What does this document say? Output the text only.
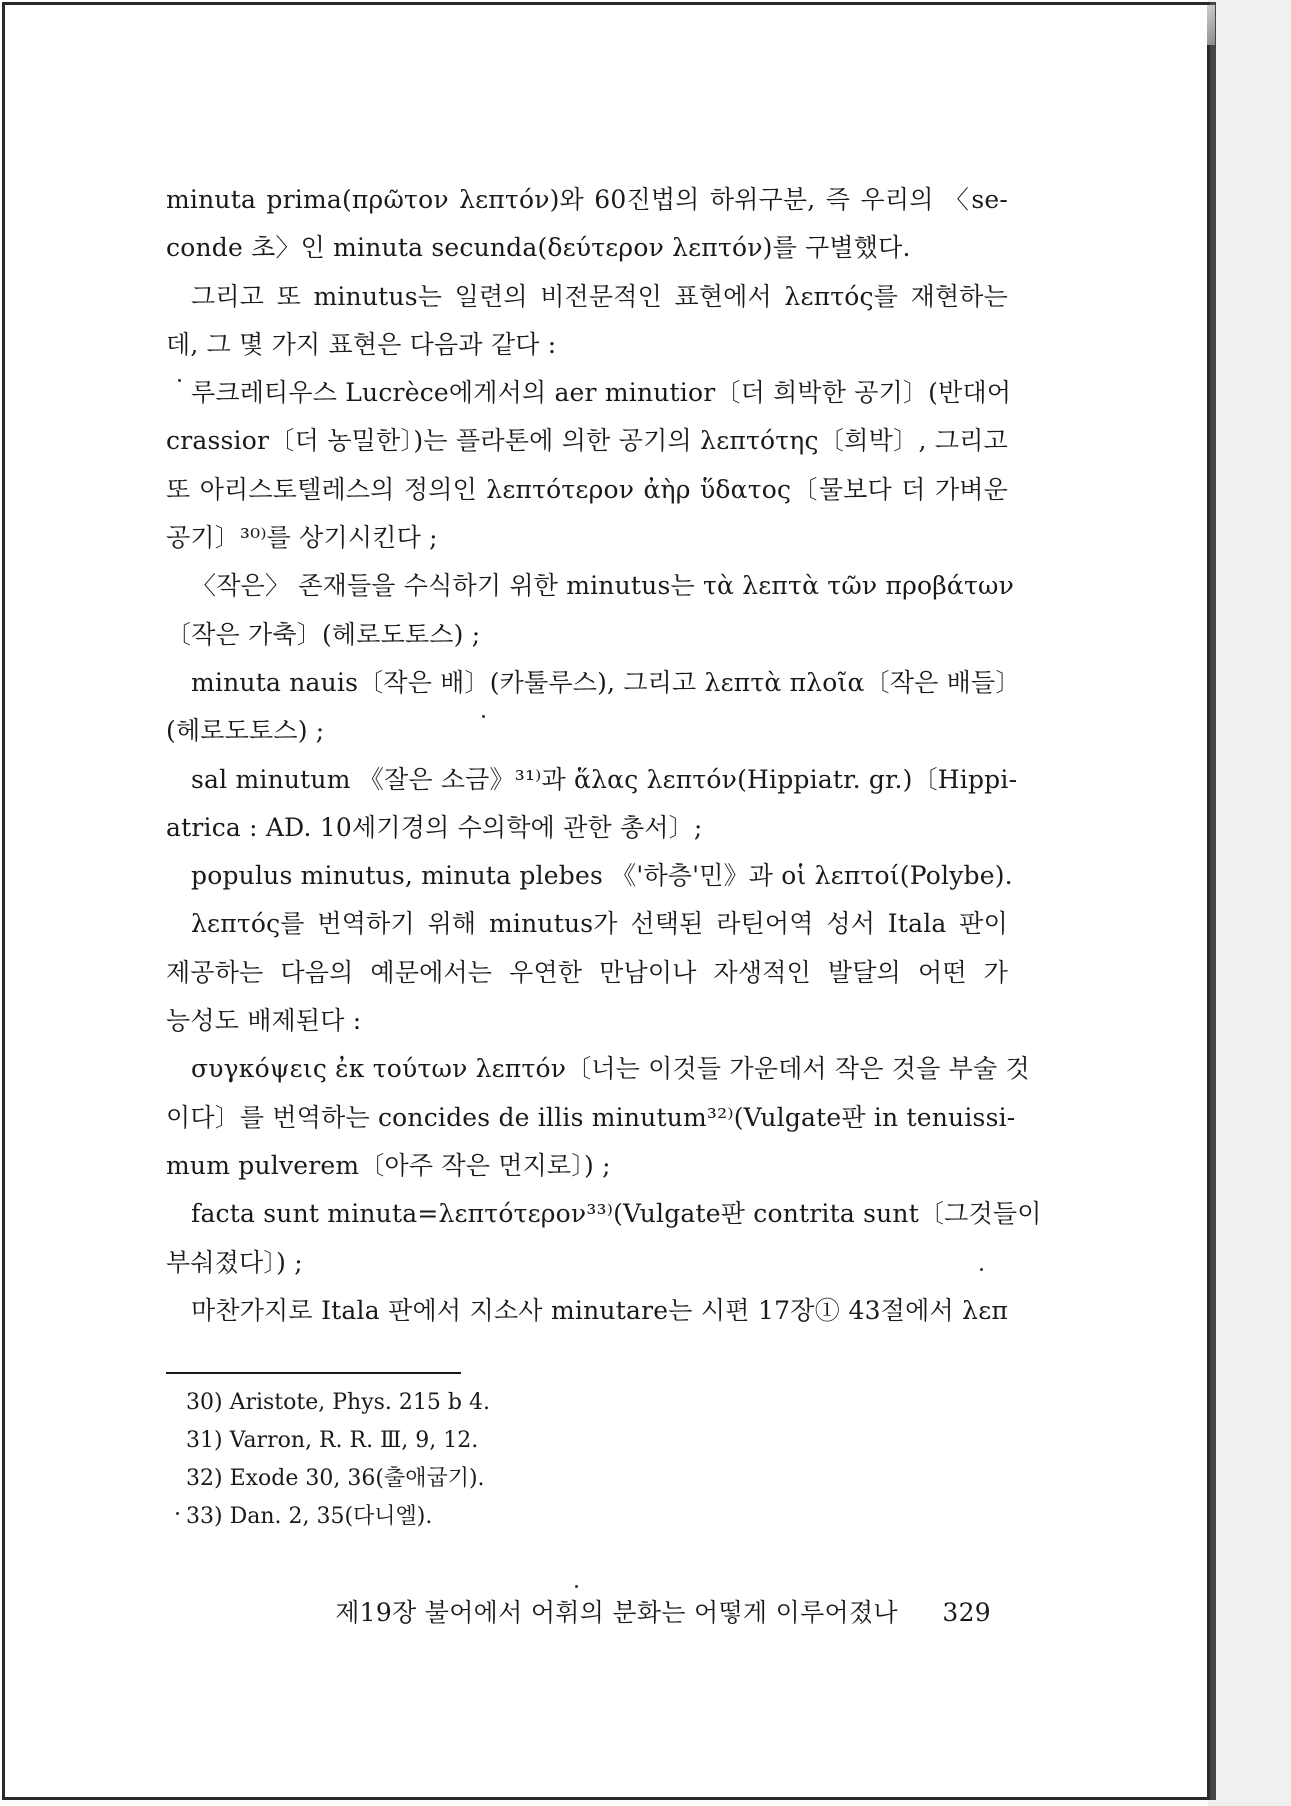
minuta prima(πρῶτον λεπτόν)와 60진법의 하위구분, 즉 우리의 〈se-
conde 초〉인 minuta secunda(δεύτερον λεπτόν)를 구별했다.
그리고 또 minutus는 일련의 비전문적인 표현에서 λεπτός를 재현하는
데, 그 몇 가지 표현은 다음과 같다 :
루크레티우스 Lucrèce에게서의 aer minutior〔더 희박한 공기〕(반대어
crassior〔더 농밀한〕)는 플라톤에 의한 공기의 λεπτότης〔희박〕, 그리고
또 아리스토텔레스의 정의인 λεπτότερον ἀὴρ ὕδατος〔물보다 더 가벼운
공기〕³⁰⁾를 상기시킨다 ;
〈작은〉 존재들을 수식하기 위한 minutus는 τὰ λεπτὰ τῶν προβάτων
〔작은 가축〕(헤로도토스) ;
minuta nauis〔작은 배〕(카툴루스), 그리고 λεπτὰ πλοῖα〔작은 배들〕
(헤로도토스) ;
sal minutum 《잘은 소금》³¹⁾과 ἅλας λεπτόν(Hippiatr. gr.)〔Hippi-
atrica : AD. 10세기경의 수의학에 관한 총서〕;
populus minutus, minuta plebes 《'하층'민》과 οἱ λεπτοί(Polybe).
λεπτός를 번역하기 위해 minutus가 선택된 라틴어역 성서 Itala 판이
제공하는 다음의 예문에서는 우연한 만남이나 자생적인 발달의 어떤 가
능성도 배제된다 :
συγκόψεις ἐκ τούτων λεπτόν〔너는 이것들 가운데서 작은 것을 부술 것
이다〕를 번역하는 concides de illis minutum³²⁾(Vulgate판 in tenuissi-
mum pulverem〔아주 작은 먼지로〕) ;
facta sunt minuta=λεπτότερον³³⁾(Vulgate판 contrita sunt〔그것들이
부숴졌다〕) ;
마찬가지로 Itala 판에서 지소사 minutare는 시편 17장① 43절에서 λεπ
30) Aristote, Phys. 215 b 4.
31) Varron, R. R. Ⅲ, 9, 12.
32) Exode 30, 36(출애굽기).
33) Dan. 2, 35(다니엘).
제19장 불어에서 어휘의 분화는 어떻게 이루어졌나 329
